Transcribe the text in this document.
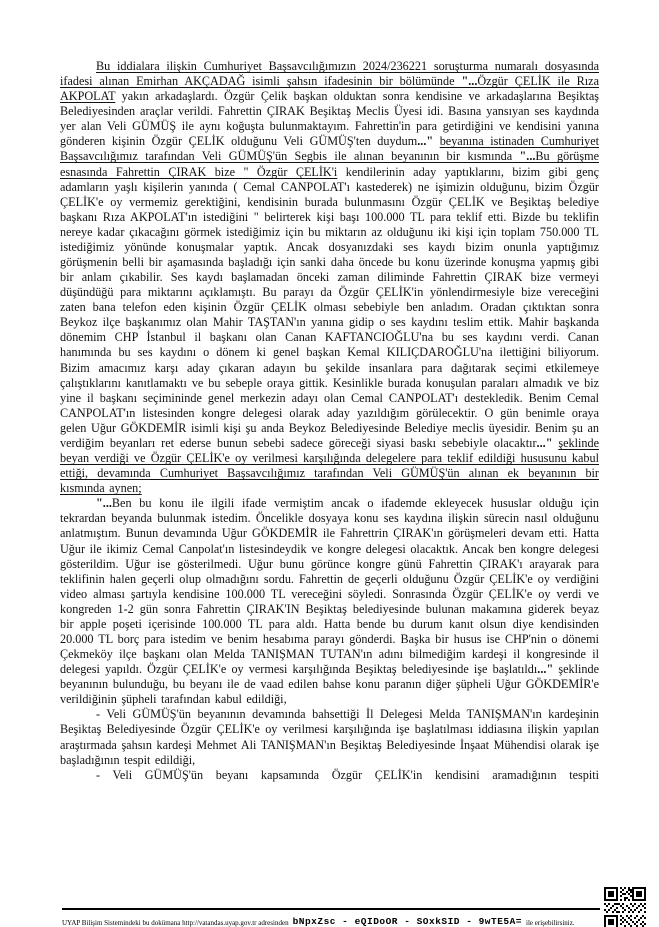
Bu iddialara ilişkin Cumhuriyet Başsavcılığımızın 2024/236221 soruşturma numaralı dosyasında ifadesi alınan Emirhan AKÇADAĞ isimli şahsın ifadesinin bir bölümünde "...Özgür ÇELİK ile Rıza AKPOLAT yakın arkadaşlardı. Özgür Çelik başkan olduktan sonra kendisine ve arkadaşlarına Beşiktaş Belediyesinden araçlar verildi. Fahrettin ÇIRAK Beşiktaş Meclis Üyesi idi. Basına yansıyan ses kaydında yer alan Veli GÜMÜŞ ile aynı koğuşta bulunmaktayım. Fahrettin'in para getirdiğini ve kendisini yanına gönderen kişinin Özgür ÇELİK olduğunu Veli GÜMÜŞ'ten duydum..." beyanına istinaden Cumhuriyet Başsavcılığımız tarafından Veli GÜMÜŞ'ün Segbis ile alınan beyanının bir kısmında "...Bu görüşme esnasında Fahrettin ÇIRAK bize " Özgür ÇELİK'i kendilerinin aday yaptıklarını, bizim gibi genç adamların yaşlı kişilerin yanında ( Cemal CANPOLAT'ı kastederek) ne işimizin olduğunu, bizim Özgür ÇELİK'e oy vermemiz gerektiğini, kendisinin burada bulunmasını Özgür ÇELİK ve Beşiktaş belediye başkanı Rıza AKPOLAT'ın istediğini " belirterek kişi başı 100.000 TL para teklif etti. Bizde bu teklifin nereye kadar çıkacağını görmek istediğimiz için bu miktarın az olduğunu iki kişi için toplam 750.000 TL istediğimiz yönünde konuşmalar yaptık. Ancak dosyanızdaki ses kaydı bizim onunla yaptığımız görüşmenin belli bir aşamasında başladığı için sanki daha öncede bu konu üzerinde konuşma yapmış gibi bir anlam çıkabilir. Ses kaydı başlamadan önceki zaman diliminde Fahrettin ÇIRAK bize vermeyi düşündüğü para miktarını açıklamıştı. Bu parayı da Özgür ÇELİK'in yönlendirmesiyle bize vereceğini zaten bana telefon eden kişinin Özgür ÇELİK olması sebebiyle ben anladım. Oradan çıktıktan sonra Beykoz ilçe başkanımız olan Mahir TAŞTAN'ın yanına gidip o ses kaydını teslim ettik. Mahir başkanda dönemim CHP İstanbul il başkanı olan Canan KAFTANCIOĞLU'na bu ses kaydını verdi. Canan hanımında bu ses kaydını o dönem ki genel başkan Kemal KILIÇDAROĞLU'na ilettiğini biliyorum. Bizim amacımız karşı aday çıkaran adayın bu şekilde insanlara para dağıtarak seçimi etkilemeye çalıştıklarını kanıtlamaktı ve bu sebeple oraya gittik. Kesinlikle burada konuşulan paraları almadık ve biz yine il başkanı seçimininde genel merkezin adayı olan Cemal CANPOLAT'ı destekledik. Benim Cemal CANPOLAT'ın listesinden kongre delegesi olarak aday yazıldığım görülecektir. O gün benimle oraya gelen Uğur GÖKDEMİR isimli kişi şu anda Beykoz Belediyesinde Belediye meclis üyesidir. Benim şu an verdiğim beyanları ret ederse bunun sebebi sadece göreceği siyasi baskı sebebiyle olacaktır..." şeklinde beyan verdiği ve Özgür ÇELİK'e oy verilmesi karşılığında delegelere para teklif edildiği hususunu kabul ettiği, devamında Cumhuriyet Başsavcılığımız tarafından Veli GÜMÜŞ'ün alınan ek beyanının bir kısmında aynen;

"...Ben bu konu ile ilgili ifade vermiştim ancak o ifademde ekleyecek hususlar olduğu için tekrardan beyanda bulunmak istedim. Öncelikle dosyaya konu ses kaydına ilişkin sürecin nasıl olduğunu anlatmıştım. Bunun devamında Uğur GÖKDEMİR ile Fahrettrin ÇIRAK'ın görüşmeleri devam etti. Hatta Uğur ile ikimiz Cemal Canpolat'ın listesindeydik ve kongre delegesi olacaktık. Ancak ben kongre delegesi gösterildim. Uğur ise gösterilmedi. Uğur bunu görünce kongre günü Fahrettin ÇIRAK'ı arayarak para teklifinin halen geçerli olup olmadığını sordu. Fahrettin de geçerli olduğunu Özgür ÇELİK'e oy verdiğini video alması şartıyla kendisine 100.000 TL vereceğini söyledi. Sonrasında Özgür ÇELİK'e oy verdi ve kongreden 1-2 gün sonra Fahrettin ÇIRAK'IN Beşiktaş belediyesinde bulunan makamına giderek beyaz bir apple poşeti içerisinde 100.000 TL para aldı. Hatta bende bu durum kanıt olsun diye kendisinden 20.000 TL borç para istedim ve benim hesabıma parayı gönderdi. Başka bir husus ise CHP'nin o dönemi Çekmeköy ilçe başkanı olan Melda TANIŞMAN TUTAN'ın adını bilmediğim kardeşi il kongresinde il delegesi yapıldı. Özgür ÇELİK'e oy vermesi karşılığında Beşiktaş belediyesinde işe başlatıldı..." şeklinde beyanının bulunduğu, bu beyanı ile de vaad edilen bahse konu paranın diğer şüpheli Uğur GÖKDEMİR'e verildiğinin şüpheli tarafından kabul edildiği,

- Veli GÜMÜŞ'ün beyanının devamında bahsettiği İl Delegesi Melda TANIŞMAN'ın kardeşinin Beşiktaş Belediyesinde Özgür ÇELİK'e oy verilmesi karşılığında işe başlatılması iddiasına ilişkin yapılan araştırmada şahsın kardeşi Mehmet Ali TANIŞMAN'ın Beşiktaş Belediyesinde İnşaat Mühendisi olarak işe başladığının tespit edildiği,

- Veli GÜMÜŞ'ün beyanı kapsamında Özgür ÇELİK'in kendisini aramadığının tespiti

UYAP Bilişim Sistemindeki bu dokümana http://vatandas.uyap.gov.tr adresinden bNpxZsc - eQIDoOR - SOxkSID - 9wTE5A= ile erişebilirsiniz.
